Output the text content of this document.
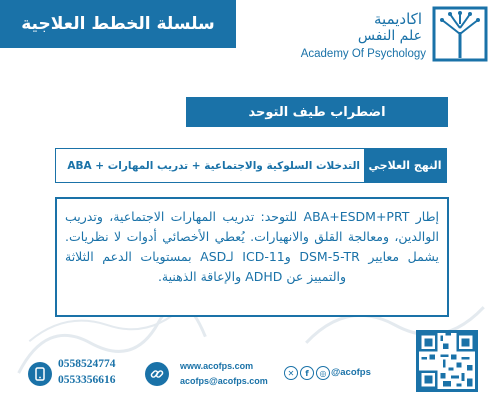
سلسلة الخطط العلاجية	اكاديمية
علم النفس
Academy Of Psychology
اضطراب طيف التوحد
النهج العلاجي
التدخلات السلوكية والاجتماعية + تدريب المهارات + ABA
إطار ABA+ESDM+PRT للتوحد: تدريب المهارات الاجتماعية، وتدريب الوالدين، ومعالجة القلق والانهيارات. يُعطي الأخصائي أدوات لا نظريات. يشمل معايير DSM-5-TR وICD-11 لـASD بمستويات الدعم الثلاثة والتمييز عن ADHD والإعاقة الذهنية.
0558524774
0553356616
www.acofps.com
acofps@acofps.com
✕	f	◎ @acofps
